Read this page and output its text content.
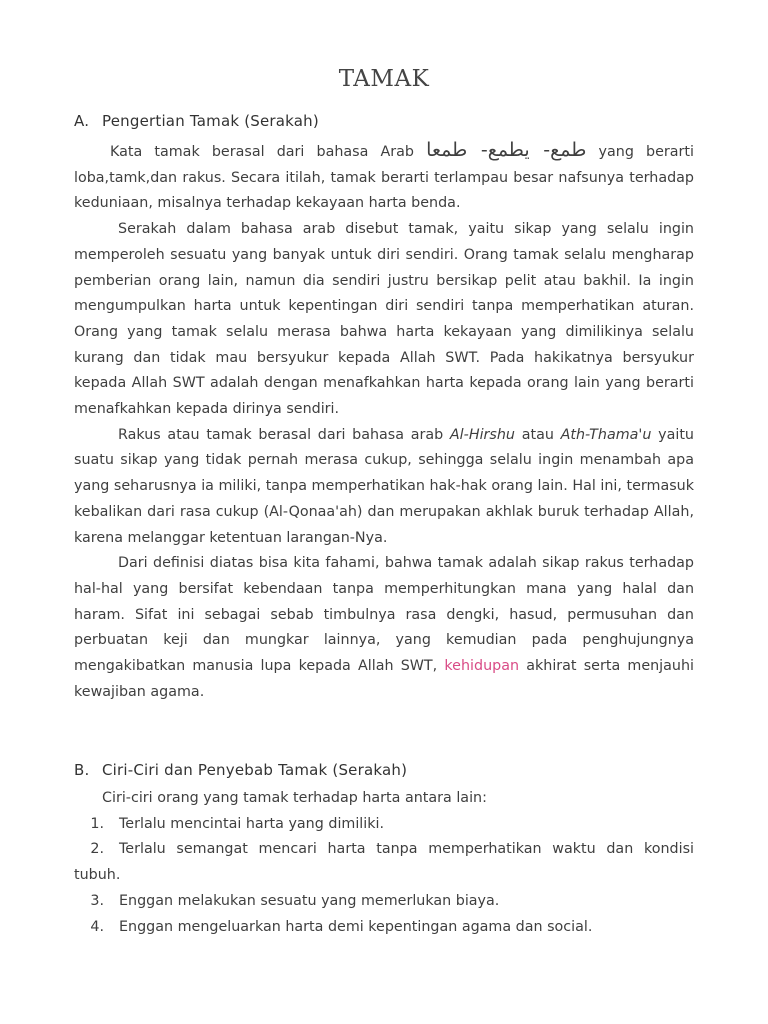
TAMAK
A. Pengertian Tamak (Serakah)

Kata tamak berasal dari bahasa Arab طمع- يطمع- طمعا yang berarti

loba,tamk,dan rakus. Secara itilah, tamak berarti terlampau besar nafsunya terhadap keduniaan, misalnya terhadap kekayaan harta benda.

Serakah dalam bahasa arab disebut tamak, yaitu sikap yang selalu ingin memperoleh sesuatu yang banyak untuk diri sendiri. Orang tamak selalu mengharap pemberian orang lain, namun dia sendiri justru bersikap pelit atau bakhil. Ia ingin mengumpulkan harta untuk kepentingan diri sendiri tanpa memperhatikan aturan. Orang yang tamak selalu merasa bahwa harta kekayaan yang dimilikinya selalu kurang dan tidak mau bersyukur kepada Allah SWT. Pada hakikatnya bersyukur kepada Allah SWT adalah dengan menafkahkan harta kepada orang lain yang berarti menafkahkan kepada dirinya sendiri.

Rakus atau tamak berasal dari bahasa arab Al-Hirshu atau Ath-Thama'u yaitu suatu sikap yang tidak pernah merasa cukup, sehingga selalu ingin menambah apa yang seharusnya ia miliki, tanpa memperhatikan hak-hak orang lain. Hal ini, termasuk kebalikan dari rasa cukup (Al-Qonaa'ah) dan merupakan akhlak buruk terhadap Allah, karena melanggar ketentuan larangan-Nya.

Dari definisi diatas bisa kita fahami, bahwa tamak adalah sikap rakus terhadap hal-hal yang bersifat kebendaan tanpa memperhitungkan mana yang halal dan haram. Sifat ini sebagai sebab timbulnya rasa dengki, hasud, permusuhan dan perbuatan keji dan mungkar lainnya, yang kemudian pada penghujungnya mengakibatkan manusia lupa kepada Allah SWT, kehidupan akhirat serta menjauhi kewajiban agama.

B. Ciri-Ciri dan Penyebab Tamak (Serakah)
Ciri-ciri orang yang tamak terhadap harta antara lain:
1. Terlalu mencintai harta yang dimiliki.
2. Terlalu semangat mencari harta tanpa memperhatikan waktu dan kondisi tubuh.
3. Enggan melakukan sesuatu yang memerlukan biaya.
4. Enggan mengeluarkan harta demi kepentingan agama dan social.
